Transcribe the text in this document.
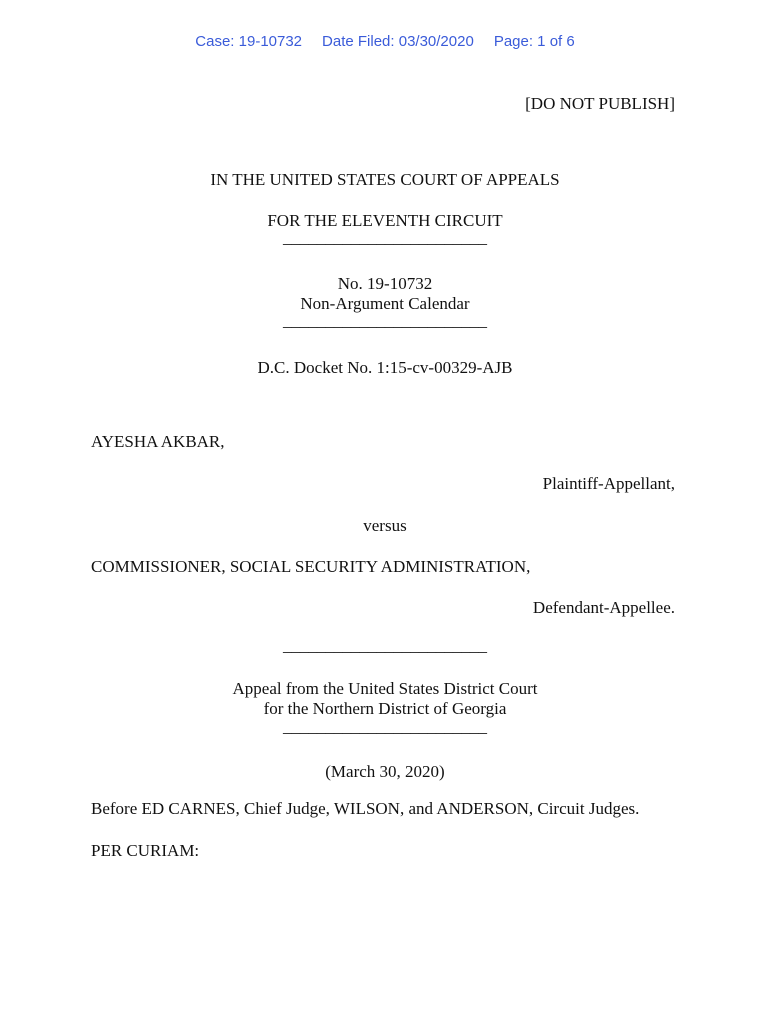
Case: 19-10732 Date Filed: 03/30/2020 Page: 1 of 6
[DO NOT PUBLISH]
IN THE UNITED STATES COURT OF APPEALS
FOR THE ELEVENTH CIRCUIT
________________________
No. 19-10732
Non-Argument Calendar
________________________
D.C. Docket No. 1:15-cv-00329-AJB
AYESHA AKBAR,
Plaintiff-Appellant,
versus
COMMISSIONER, SOCIAL SECURITY ADMINISTRATION,
Defendant-Appellee.
________________________
Appeal from the United States District Court
for the Northern District of Georgia
________________________
(March 30, 2020)
Before ED CARNES, Chief Judge, WILSON, and ANDERSON, Circuit Judges.
PER CURIAM:
